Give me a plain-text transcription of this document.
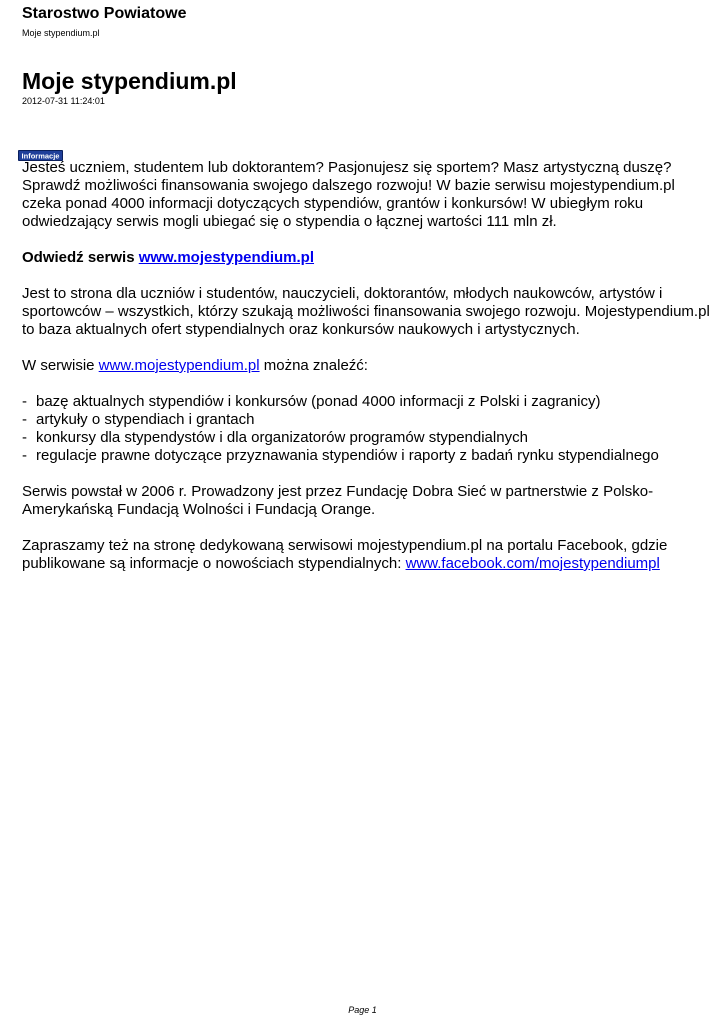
Starostwo Powiatowe
Moje stypendium.pl
Moje stypendium.pl
2012-07-31 11:24:01
Informacje

Jesteś uczniem, studentem lub doktorantem? Pasjonujesz się sportem? Masz artystyczną duszę? Sprawdź możliwości finansowania swojego dalszego rozwoju! W bazie serwisu mojestypendium.pl czeka ponad 4000 informacji dotyczących stypendiów, grantów i konkursów! W ubiegłym roku odwiedzający serwis mogli ubiegać się o stypendia o łącznej wartości 111 mln zł.

Odwiedź serwis www.mojestypendium.pl

Jest to strona dla uczniów i studentów, nauczycieli, doktorantów, młodych naukowców, artystów i sportowców – wszystkich, którzy szukają możliwości finansowania swojego rozwoju. Mojestypendium.pl to baza aktualnych ofert stypendialnych oraz konkursów naukowych i artystycznych.

W serwisie www.mojestypendium.pl można znaleźć:

- bazę aktualnych stypendiów i konkursów (ponad 4000 informacji z Polski i zagranicy)
- artykuły o stypendiach i grantach
- konkursy dla stypendystów i dla organizatorów programów stypendialnych
- regulacje prawne dotyczące przyznawania stypendiów i raporty z badań rynku stypendialnego

Serwis powstał w 2006 r. Prowadzony jest przez Fundację Dobra Sieć w partnerstwie z Polsko-Amerykańską Fundacją Wolności i Fundacją Orange.

Zapraszamy też na stronę dedykowaną serwisowi mojestypendium.pl na portalu Facebook, gdzie publikowane są informacje o nowościach stypendialnych: www.facebook.com/mojestypendiumpl

Page 1
